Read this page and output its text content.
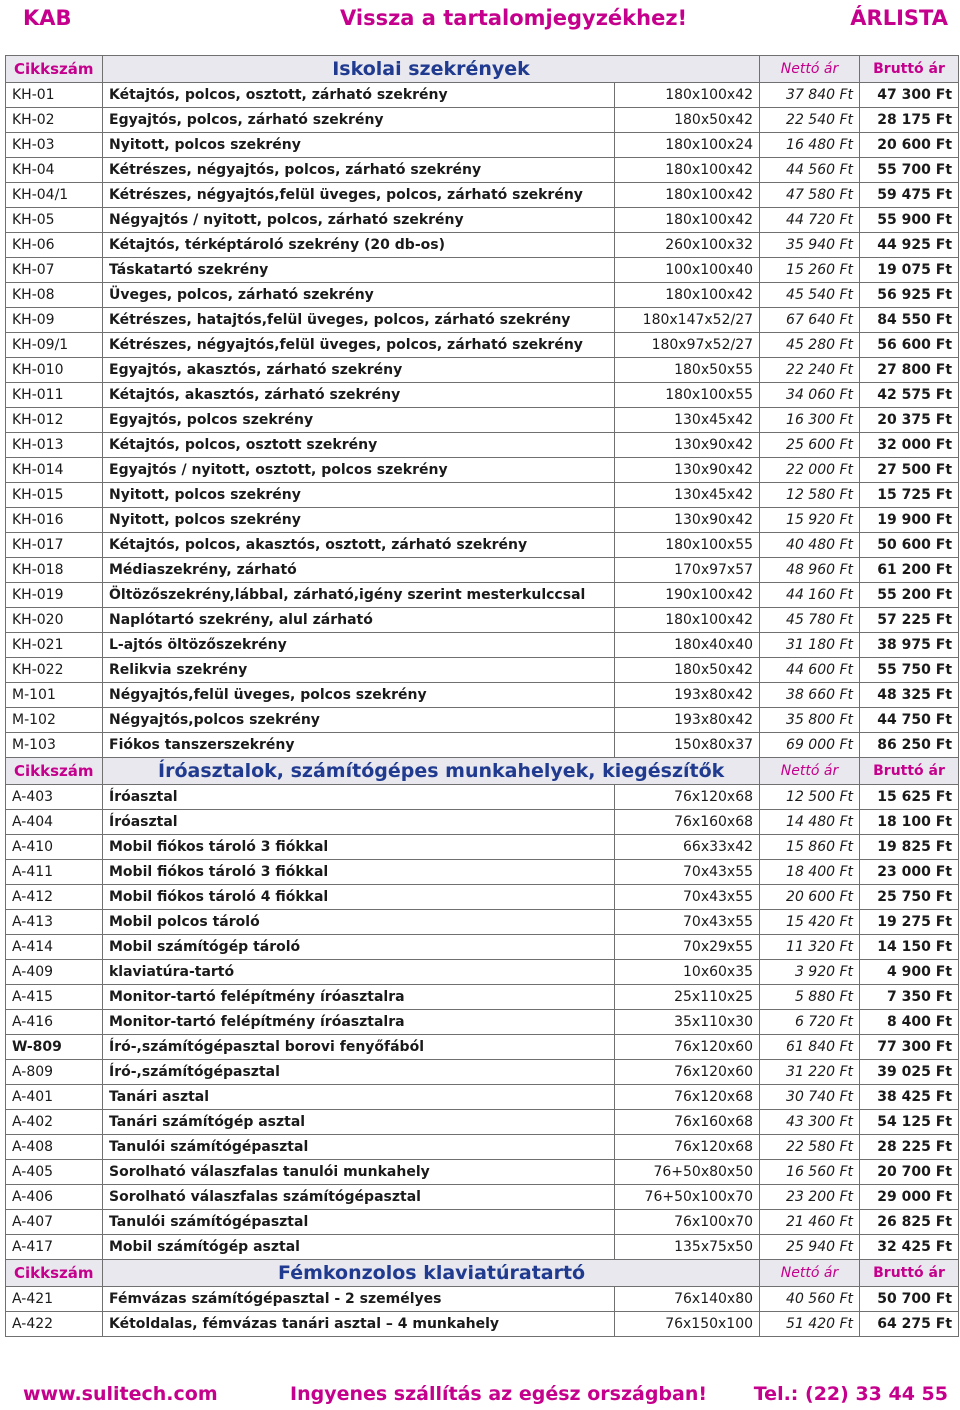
KAB	Vissza a tartalomjegyzékhez!	ÁRLISTA
Cikkszám	Iskolai szekrények		Nettó ár	Bruttó ár
KH-01	Kétajtós, polcos, osztott, zárható szekrény	180x100x42	37 840 Ft	47 300 Ft
KH-02	Egyajtós, polcos, zárható szekrény	180x50x42	22 540 Ft	28 175 Ft
KH-03	Nyitott, polcos szekrény	180x100x24	16 480 Ft	20 600 Ft
KH-04	Kétrészes, négyajtós, polcos, zárható szekrény	180x100x42	44 560 Ft	55 700 Ft
KH-04/1	Kétrészes, négyajtós,felül üveges, polcos, zárható szekrény	180x100x42	47 580 Ft	59 475 Ft
KH-05	Négyajtós / nyitott, polcos, zárható szekrény	180x100x42	44 720 Ft	55 900 Ft
KH-06	Kétajtós, térképtároló szekrény (20 db-os)	260x100x32	35 940 Ft	44 925 Ft
KH-07	Táskatartó szekrény	100x100x40	15 260 Ft	19 075 Ft
KH-08	Üveges, polcos, zárható szekrény	180x100x42	45 540 Ft	56 925 Ft
KH-09	Kétrészes, hatajtós,felül üveges, polcos, zárható szekrény	180x147x52/27	67 640 Ft	84 550 Ft
KH-09/1	Kétrészes, négyajtós,felül üveges, polcos, zárható szekrény	180x97x52/27	45 280 Ft	56 600 Ft
KH-010	Egyajtós, akasztós, zárható szekrény	180x50x55	22 240 Ft	27 800 Ft
KH-011	Kétajtós, akasztós, zárható szekrény	180x100x55	34 060 Ft	42 575 Ft
KH-012	Egyajtós, polcos szekrény	130x45x42	16 300 Ft	20 375 Ft
KH-013	Kétajtós, polcos, osztott szekrény	130x90x42	25 600 Ft	32 000 Ft
KH-014	Egyajtós / nyitott, osztott, polcos szekrény	130x90x42	22 000 Ft	27 500 Ft
KH-015	Nyitott, polcos szekrény	130x45x42	12 580 Ft	15 725 Ft
KH-016	Nyitott, polcos szekrény	130x90x42	15 920 Ft	19 900 Ft
KH-017	Kétajtós, polcos, akasztós, osztott, zárható szekrény	180x100x55	40 480 Ft	50 600 Ft
KH-018	Médiaszekrény, zárható	170x97x57	48 960 Ft	61 200 Ft
KH-019	Öltözőszekrény,lábbal, zárható,igény szerint mesterkulccsal	190x100x42	44 160 Ft	55 200 Ft
KH-020	Naplótartó szekrény, alul zárható	180x100x42	45 780 Ft	57 225 Ft
KH-021	L-ajtós öltözőszekrény	180x40x40	31 180 Ft	38 975 Ft
KH-022	Relikvia szekrény	180x50x42	44 600 Ft	55 750 Ft
M-101	Négyajtós,felül üveges, polcos szekrény	193x80x42	38 660 Ft	48 325 Ft
M-102	Négyajtós,polcos szekrény	193x80x42	35 800 Ft	44 750 Ft
M-103	Fiókos tanszerszekrény	150x80x37	69 000 Ft	86 250 Ft
Cikkszám	Íróasztalok, számítógépes munkahelyek, kiegészítők		Nettó ár	Bruttó ár
A-403	Íróasztal	76x120x68	12 500 Ft	15 625 Ft
A-404	Íróasztal	76x160x68	14 480 Ft	18 100 Ft
A-410	Mobil fiókos tároló 3 fiókkal	66x33x42	15 860 Ft	19 825 Ft
A-411	Mobil fiókos tároló 3 fiókkal	70x43x55	18 400 Ft	23 000 Ft
A-412	Mobil fiókos tároló 4 fiókkal	70x43x55	20 600 Ft	25 750 Ft
A-413	Mobil polcos tároló	70x43x55	15 420 Ft	19 275 Ft
A-414	Mobil számítógép tároló	70x29x55	11 320 Ft	14 150 Ft
A-409	klaviatúra-tartó	10x60x35	3 920 Ft	4 900 Ft
A-415	Monitor-tartó felépítmény íróasztalra	25x110x25	5 880 Ft	7 350 Ft
A-416	Monitor-tartó felépítmény íróasztalra	35x110x30	6 720 Ft	8 400 Ft
W-809	Író-,számítógépasztal borovi fenyőfából	76x120x60	61 840 Ft	77 300 Ft
A-809	Író-,számítógépasztal	76x120x60	31 220 Ft	39 025 Ft
A-401	Tanári asztal	76x120x68	30 740 Ft	38 425 Ft
A-402	Tanári számítógép asztal	76x160x68	43 300 Ft	54 125 Ft
A-408	Tanulói számítógépasztal	76x120x68	22 580 Ft	28 225 Ft
A-405	Sorolható válaszfalas tanulói munkahely	76+50x80x50	16 560 Ft	20 700 Ft
A-406	Sorolható válaszfalas számítógépasztal	76+50x100x70	23 200 Ft	29 000 Ft
A-407	Tanulói számítógépasztal	76x100x70	21 460 Ft	26 825 Ft
A-417	Mobil számítógép asztal	135x75x50	25 940 Ft	32 425 Ft
Cikkszám	Fémkonzolos klaviatúratartó		Nettó ár	Bruttó ár
A-421	Fémvázas számítógépasztal - 2 személyes	76x140x80	40 560 Ft	50 700 Ft
A-422	Kétoldalas, fémvázas tanári asztal – 4 munkahely	76x150x100	51 420 Ft	64 275 Ft
www.sulitech.com	Ingyenes szállítás az egész országban! Tel.: (22) 33 44 55
